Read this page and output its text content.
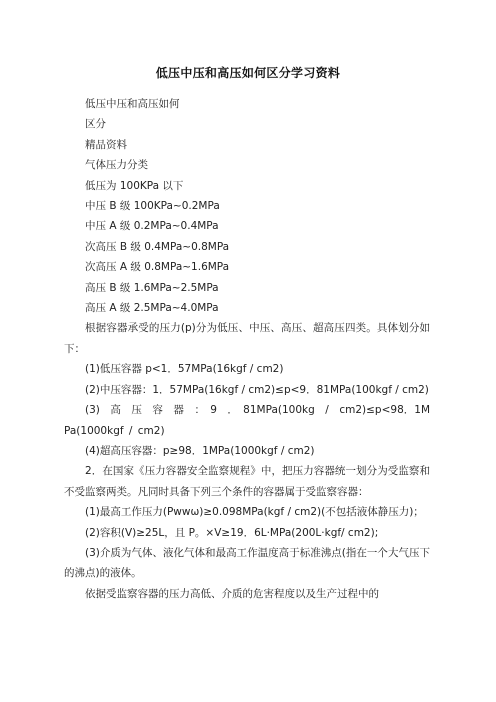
低压中压和高压如何区分学习资料

低压中压和高压如何

区分

精品资料

气体压力分类

低压为 100KPa 以下

中压 B 级 100KPa~0.2MPa

中压 A 级 0.2MPa~0.4MPa

次高压 B 级 0.4MPa~0.8MPa

次高压 A 级 0.8MPa~1.6MPa

高压 B 级 1.6MPa~2.5MPa

高压 A 级 2.5MPa~4.0MPa

根据容器承受的压力(p)分为低压、中压、高压、超高压四类。具体划分如下：

(1)低压容器 p<1．57MPa(16kgf / cm2)

(2)中压容器：1．57MPa(16kgf / cm2)≤p<9．81MPa(100kgf / cm2)

(3)　高　压　容　器　：　9　．　81MPa(100kg　/　cm2)≤p<98．1MPa(1000kgf / cm2)

(4)超高压容器：p≥98．1MPa(1000kgf / cm2)

2．在国家《压力容器安全监察规程》中，把压力容器统一划分为受监察和不受监察两类。凡同时具备下列三个条件的容器属于受监察容器：

(1)最高工作压力(Pwwω)≥0.098MPa(kgf / cm2)(不包括液体静压力)；

(2)容积(V)≥25L，且 P。×V≥19．6L·MPa(200L·kgf/ cm2);

(3)介质为气体、液化气体和最高工作温度高于标准沸点(指在一个大气压下的沸点)的液体。

依据受监察容器的压力高低、介质的危害程度以及生产过程中的
